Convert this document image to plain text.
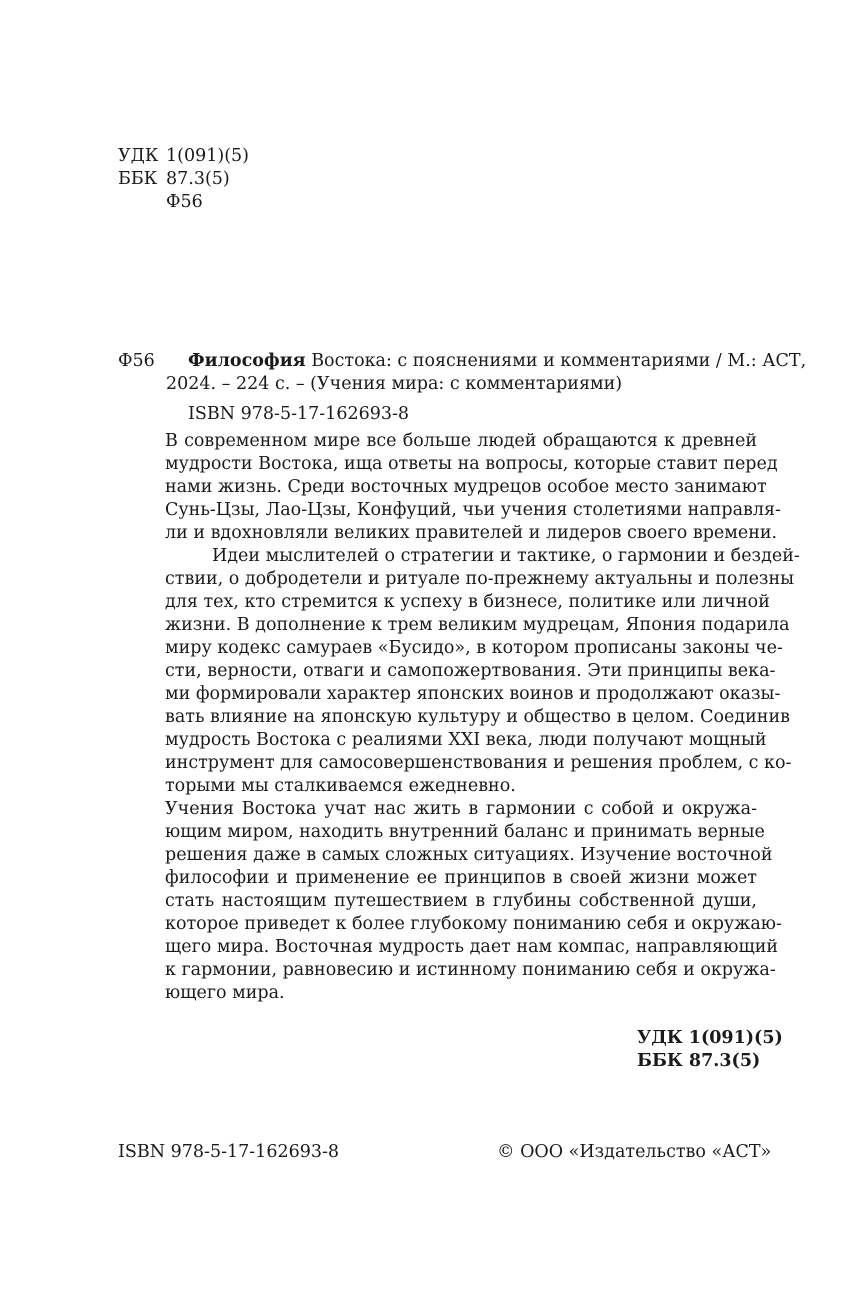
УДК 1(091)(5)
ББК 87.3(5)
Ф56
Ф56 Философия Востока: с пояснениями и комментариями / М.: АСТ,
2024. – 224 с. – (Учения мира: с комментариями)
ISBN 978-5-17-162693-8
В современном мире все больше людей обращаются к древней
мудрости Востока, ища ответы на вопросы, которые ставит перед
нами жизнь. Среди восточных мудрецов особое место занимают
Сунь-Цзы, Лао-Цзы, Конфуций, чьи учения столетиями направля-
ли и вдохновляли великих правителей и лидеров своего времени.
Идеи мыслителей о стратегии и тактике, о гармонии и бездей-
ствии, о добродетели и ритуале по-прежнему актуальны и полезны
для тех, кто стремится к успеху в бизнесе, политике или личной
жизни. В дополнение к трем великим мудрецам, Япония подарила
миру кодекс самураев «Бусидо», в котором прописаны законы че-
сти, верности, отваги и самопожертвования. Эти принципы века-
ми формировали характер японских воинов и продолжают оказы-
вать влияние на японскую культуру и общество в целом. Соединив
мудрость Востока с реалиями XXI века, люди получают мощный
инструмент для самосовершенствования и решения проблем, с ко-
торыми мы сталкиваемся ежедневно.
Учения Востока учат нас жить в гармонии с собой и окружа-
ющим миром, находить внутренний баланс и принимать верные
решения даже в самых сложных ситуациях. Изучение восточной
философии и применение ее принципов в своей жизни может
стать настоящим путешествием в глубины собственной души,
которое приведет к более глубокому пониманию себя и окружаю-
щего мира. Восточная мудрость дает нам компас, направляющий
к гармонии, равновесию и истинному пониманию себя и окружа-
ющего мира.
УДК 1(091)(5)
ББК 87.3(5)
ISBN 978-5-17-162693-8	© ООО «Издательство «АСТ»
